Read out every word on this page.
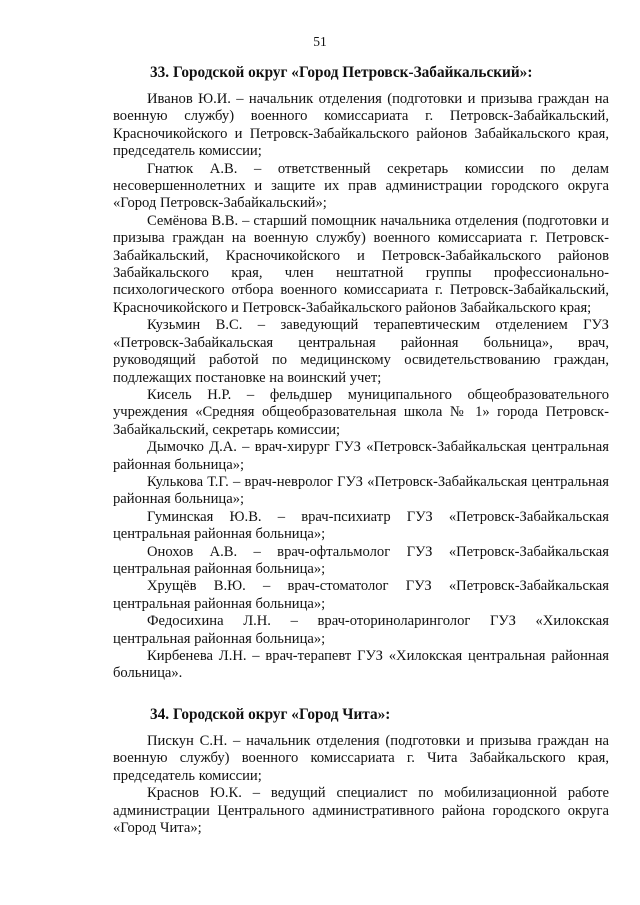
51
33. Городской округ «Город Петровск-Забайкальский»:

Иванов Ю.И. – начальник отделения (подготовки и призыва граждан на военную службу) военного комиссариата г. Петровск-Забайкальский, Красночикойского и Петровск-Забайкальского районов Забайкальского края, председатель комиссии;

Гнатюк А.В. – ответственный секретарь комиссии по делам несовершеннолетних и защите их прав администрации городского округа «Город Петровск-Забайкальский»;

Семёнова В.В. – старший помощник начальника отделения (подготовки и призыва граждан на военную службу) военного комиссариата г. Петровск-Забайкальский, Красночикойского и Петровск-Забайкальского районов Забайкальского края, член нештатной группы профессионально-психологического отбора военного комиссариата г. Петровск-Забайкальский, Красночикойского и Петровск-Забайкальского районов Забайкальского края;

Кузьмин В.С. – заведующий терапевтическим отделением ГУЗ «Петровск-Забайкальская центральная районная больница», врач, руководящий работой по медицинскому освидетельствованию граждан, подлежащих постановке на воинский учет;

Кисель Н.Р. – фельдшер муниципального общеобразовательного учреждения «Средняя общеобразовательная школа № 1» города Петровск-Забайкальский, секретарь комиссии;

Дымочко Д.А. – врач-хирург ГУЗ «Петровск-Забайкальская центральная районная больница»;

Кулькова Т.Г. – врач-невролог ГУЗ «Петровск-Забайкальская центральная районная больница»;

Гуминская Ю.В. – врач-психиатр ГУЗ «Петровск-Забайкальская центральная районная больница»;

Онохов А.В. – врач-офтальмолог ГУЗ «Петровск-Забайкальская центральная районная больница»;

Хрущёв В.Ю. – врач-стоматолог ГУЗ «Петровск-Забайкальская центральная районная больница»;

Федосихина Л.Н. – врач-оториноларинголог ГУЗ «Хилокская центральная районная больница»;

Кирбенева Л.Н. – врач-терапевт ГУЗ «Хилокская центральная районная больница».

34. Городской округ «Город Чита»:

Пискун С.Н. – начальник отделения (подготовки и призыва граждан на военную службу) военного комиссариата г. Чита Забайкальского края, председатель комиссии;

Краснов Ю.К. – ведущий специалист по мобилизационной работе администрации Центрального административного района городского округа «Город Чита»;
